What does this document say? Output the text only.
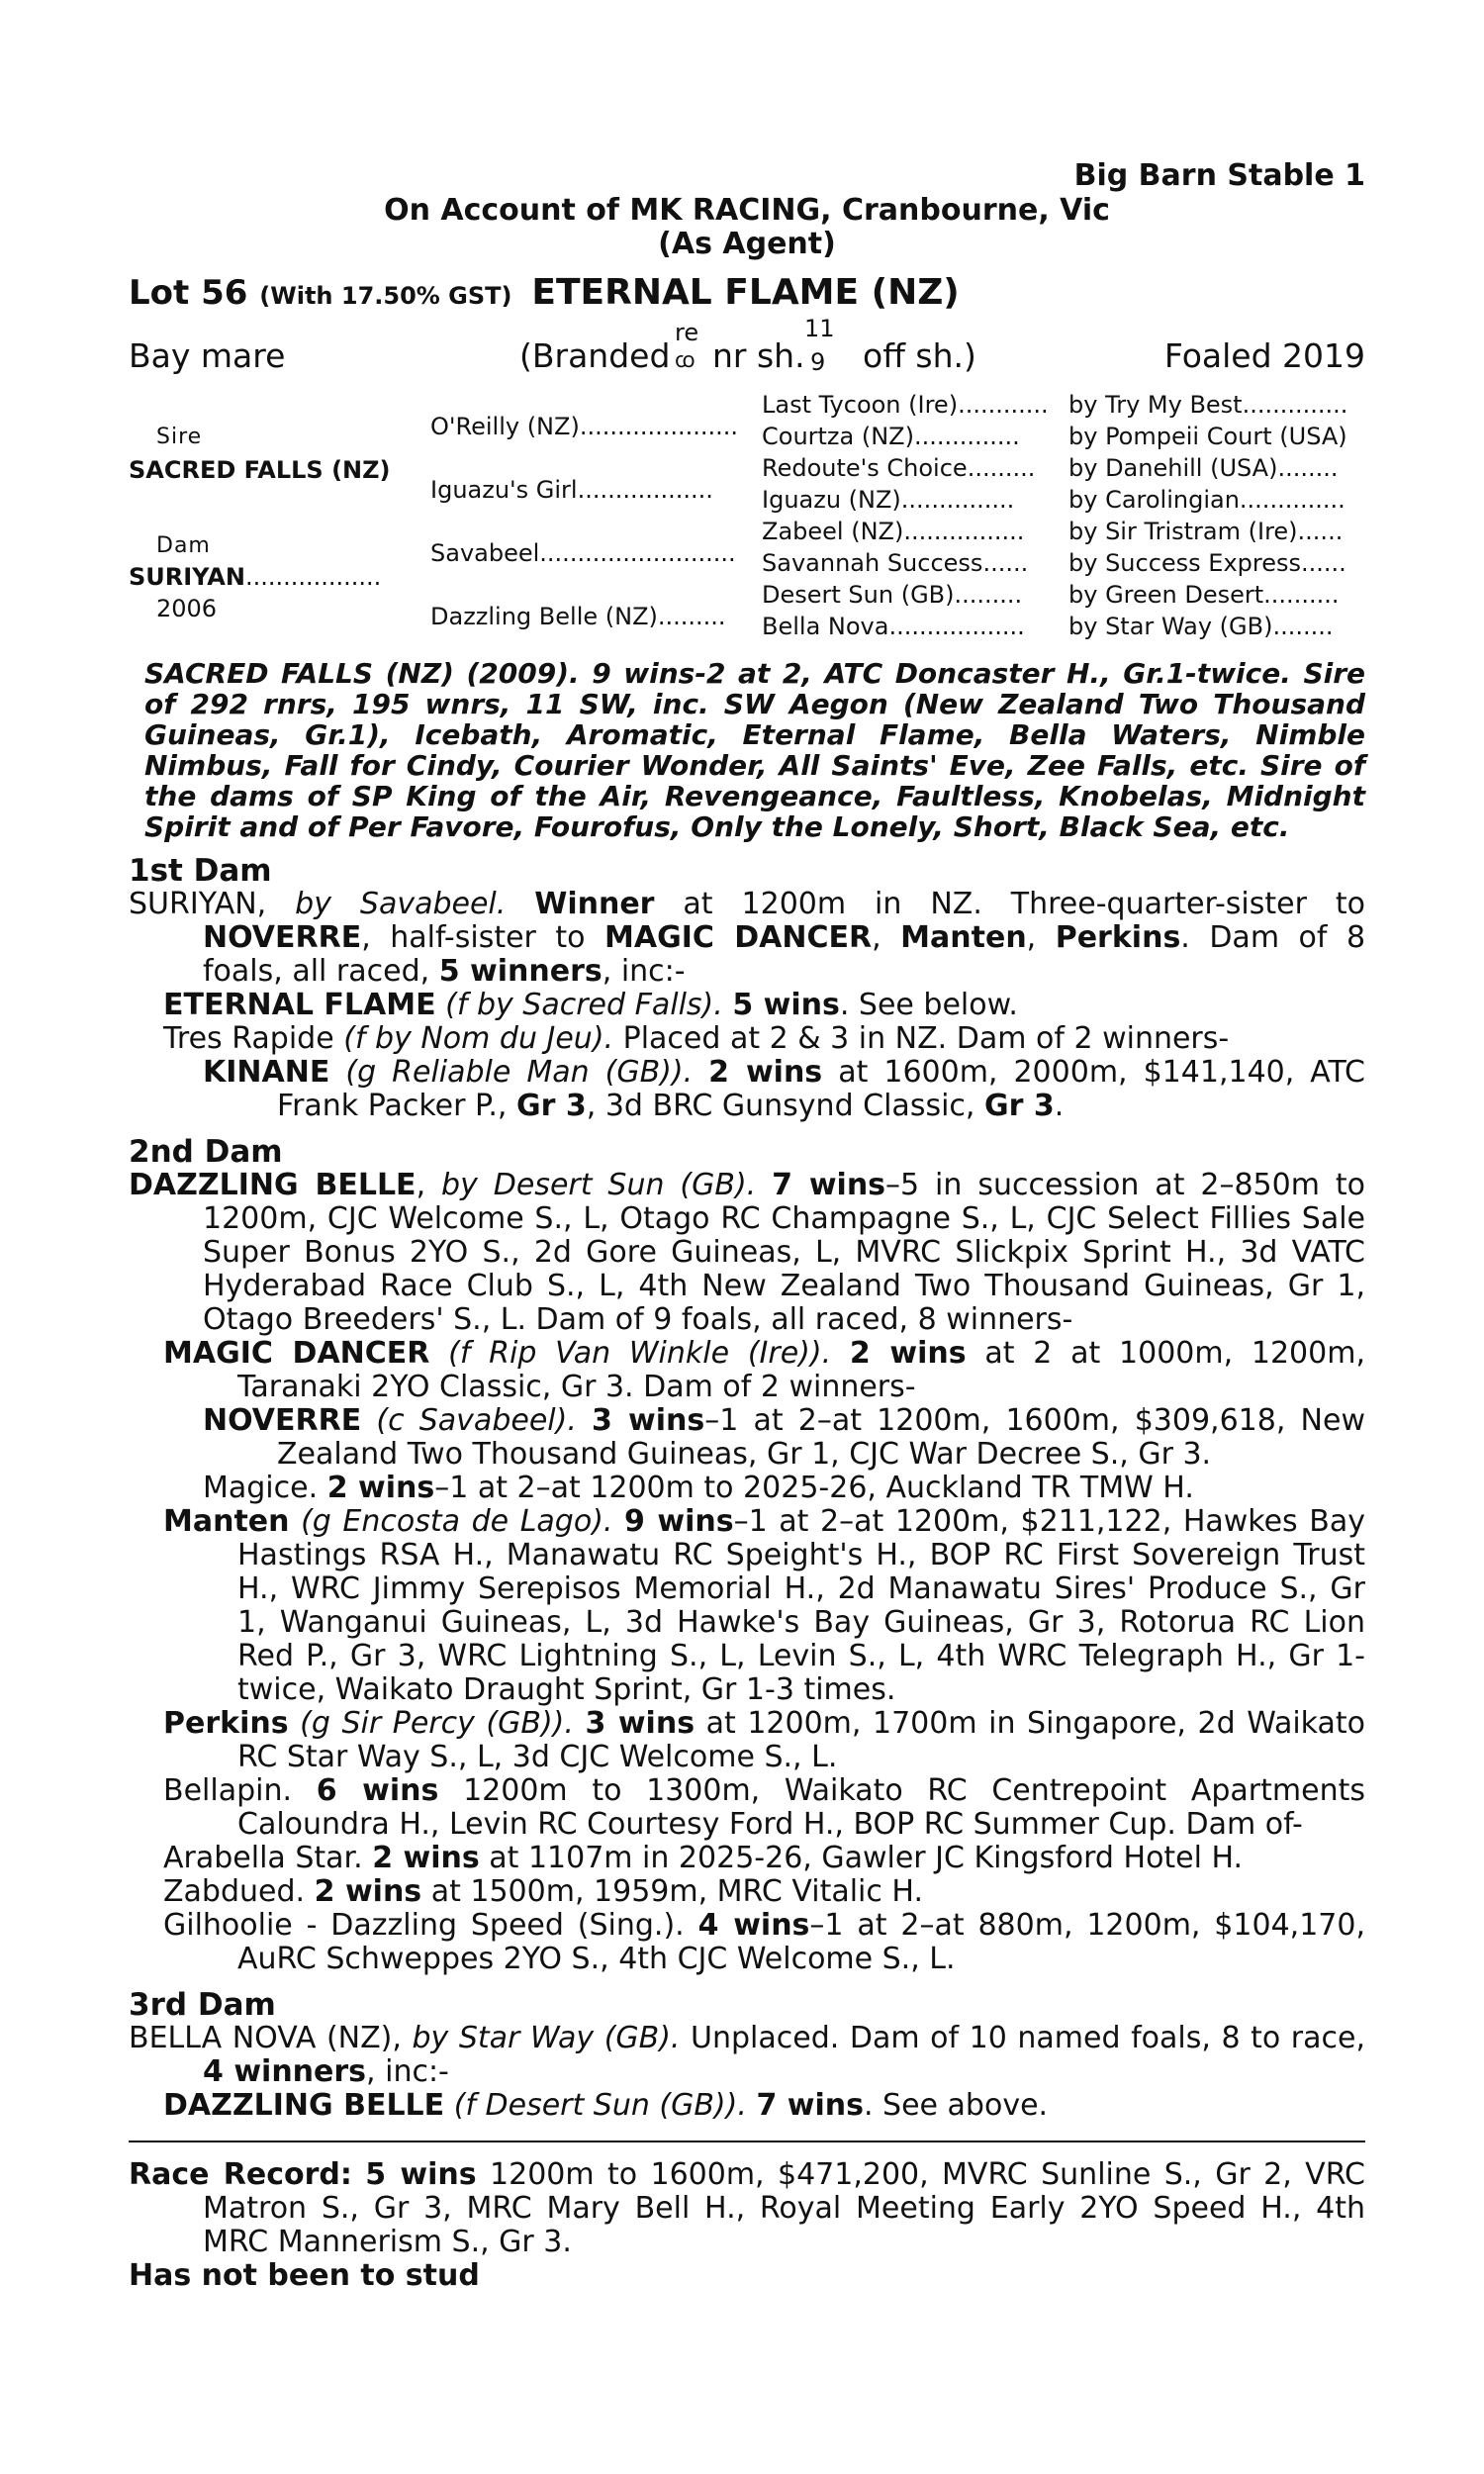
Big Barn Stable 1
On Account of MK RACING, Cranbourne, Vic
(As Agent)
Lot 56 (With 17.50% GST) ETERNAL FLAME (NZ)
Bay mare	(Branded
re
ꭃ nr sh.
11
9 off sh.)	Foaled 2019
Sire
SACRED FALLS (NZ)
Dam
SURIYAN..................
2006
O'Reilly (NZ).....................
Iguazu's Girl..................
Savabeel..........................
Dazzling Belle (NZ).........
Last Tycoon (Ire)............
Courtza (NZ)..............
Redoute's Choice.........
Iguazu (NZ)...............
Zabeel (NZ)................
Savannah Success......
Desert Sun (GB).........
Bella Nova..................
by Try My Best..............
by Pompeii Court (USA)
by Danehill (USA)........
by Carolingian..............
by Sir Tristram (Ire)......
by Success Express......
by Green Desert..........
by Star Way (GB)........
SACRED FALLS (NZ) (2009). 9 wins-2 at 2, ATC Doncaster H., Gr.1-twice. Sire of 292 rnrs, 195 wnrs, 11 SW, inc. SW Aegon (New Zealand Two Thousand Guineas, Gr.1), Icebath, Aromatic, Eternal Flame, Bella Waters, Nimble Nimbus, Fall for Cindy, Courier Wonder, All Saints' Eve, Zee Falls, etc. Sire of the dams of SP King of the Air, Revengeance, Faultless, Knobelas, Midnight Spirit and of Per Favore, Fourofus, Only the Lonely, Short, Black Sea, etc.
1st Dam
SURIYAN, by Savabeel. Winner at 1200m in NZ. Three-quarter-sister to NOVERRE, half-sister to MAGIC DANCER, Manten, Perkins. Dam of 8 foals, all raced, 5 winners, inc:-
ETERNAL FLAME (f by Sacred Falls). 5 wins. See below.
Tres Rapide (f by Nom du Jeu). Placed at 2 & 3 in NZ. Dam of 2 winners-
KINANE (g Reliable Man (GB)). 2 wins at 1600m, 2000m, $141,140, ATC Frank Packer P., Gr 3, 3d BRC Gunsynd Classic, Gr 3.
2nd Dam
DAZZLING BELLE, by Desert Sun (GB). 7 wins–5 in succession at 2–850m to 1200m, CJC Welcome S., L, Otago RC Champagne S., L, CJC Select Fillies Sale Super Bonus 2YO S., 2d Gore Guineas, L, MVRC Slickpix Sprint H., 3d VATC Hyderabad Race Club S., L, 4th New Zealand Two Thousand Guineas, Gr 1, Otago Breeders' S., L. Dam of 9 foals, all raced, 8 winners-
MAGIC DANCER (f Rip Van Winkle (Ire)). 2 wins at 2 at 1000m, 1200m, Taranaki 2YO Classic, Gr 3. Dam of 2 winners-
NOVERRE (c Savabeel). 3 wins–1 at 2–at 1200m, 1600m, $309,618, New Zealand Two Thousand Guineas, Gr 1, CJC War Decree S., Gr 3.
Magice. 2 wins–1 at 2–at 1200m to 2025-26, Auckland TR TMW H.
Manten (g Encosta de Lago). 9 wins–1 at 2–at 1200m, $211,122, Hawkes Bay Hastings RSA H., Manawatu RC Speight's H., BOP RC First Sovereign Trust H., WRC Jimmy Serepisos Memorial H., 2d Manawatu Sires' Produce S., Gr 1, Wanganui Guineas, L, 3d Hawke's Bay Guineas, Gr 3, Rotorua RC Lion Red P., Gr 3, WRC Lightning S., L, Levin S., L, 4th WRC Telegraph H., Gr 1-twice, Waikato Draught Sprint, Gr 1-3 times.
Perkins (g Sir Percy (GB)). 3 wins at 1200m, 1700m in Singapore, 2d Waikato RC Star Way S., L, 3d CJC Welcome S., L.
Bellapin. 6 wins 1200m to 1300m, Waikato RC Centrepoint Apartments Caloundra H., Levin RC Courtesy Ford H., BOP RC Summer Cup. Dam of-
Arabella Star. 2 wins at 1107m in 2025-26, Gawler JC Kingsford Hotel H.
Zabdued. 2 wins at 1500m, 1959m, MRC Vitalic H.
Gilhoolie - Dazzling Speed (Sing.). 4 wins–1 at 2–at 880m, 1200m, $104,170, AuRC Schweppes 2YO S., 4th CJC Welcome S., L.
3rd Dam
BELLA NOVA (NZ), by Star Way (GB). Unplaced. Dam of 10 named foals, 8 to race, 4 winners, inc:-
DAZZLING BELLE (f Desert Sun (GB)). 7 wins. See above.
Race Record: 5 wins 1200m to 1600m, $471,200, MVRC Sunline S., Gr 2, VRC Matron S., Gr 3, MRC Mary Bell H., Royal Meeting Early 2YO Speed H., 4th MRC Mannerism S., Gr 3.
Has not been to stud
